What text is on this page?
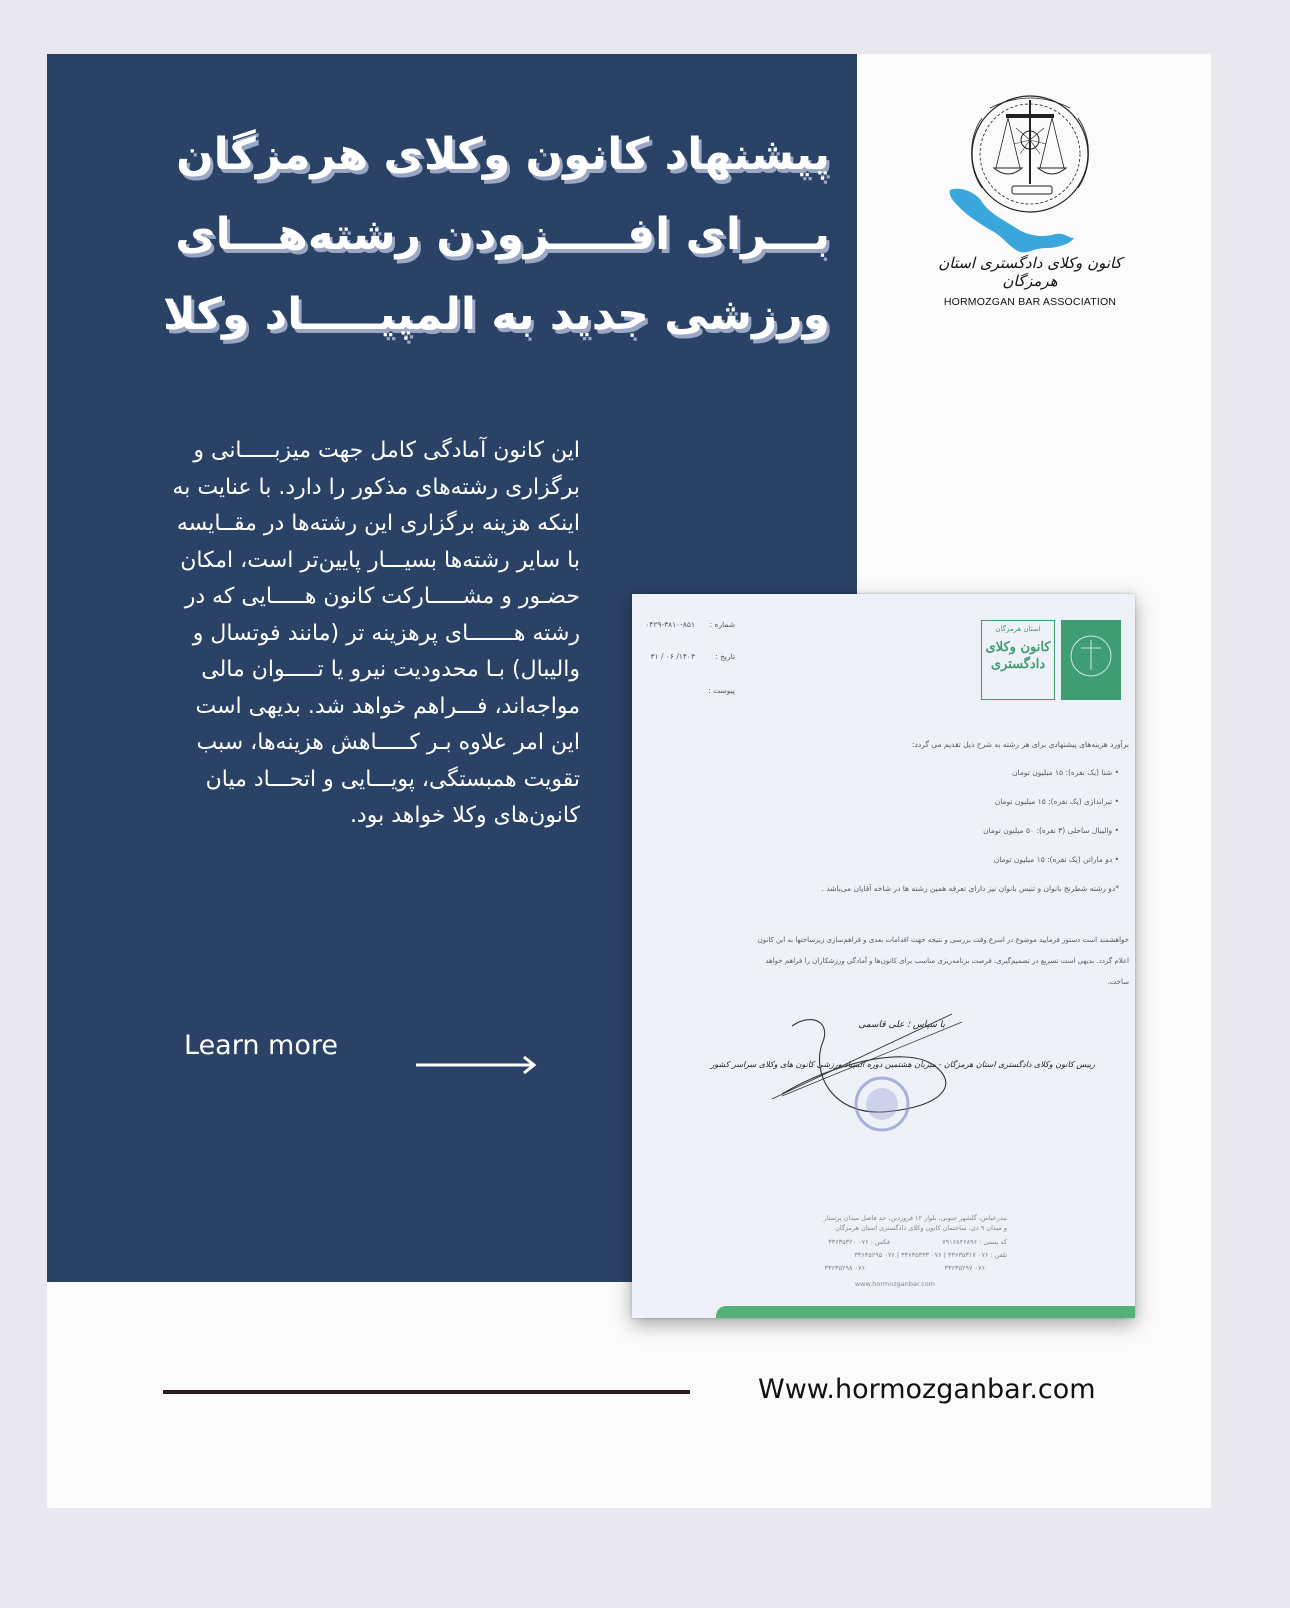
پیشنهاد کانون وکلای هرمزگان
بـــرای افـــــزودن رشته‌هـــای
ورزشی جدید به المپیـــــاد وکلا
این کانون آمادگی کامل جهت میزبـــــانی و
برگزاری رشته‌های مذکور را دارد. با عنایت به
اینکه هزینه برگزاری این رشته‌ها در مقــایسه
با سایر رشته‌ها بسیـــار پایین‌تر است، امکان
حضـور و مشـــــارکت کانون هـــــایی که در
رشته هـــــــای پرهزینه تر (مانند فوتسال و
والیبال) بـا محدودیت نیرو یا تـــــوان مالی
مواجه‌اند، فـــراهم خواهد شد. بدیهی است
این امر علاوه بـر کـــــاهش هزینه‌ها، سبب
تقویت همبستگی، پویـــایی و اتحـــاد میان
کانون‌های وکلا خواهد بود.
Learn more
کانون وکلای دادگستری استان هرمزگان
HORMOZGAN BAR ASSOCIATION
شماره :
۰۴۲۹-۳۸۱۰-۸۵۱
تاریخ :
۱۴۰۳/ ۰۶ / ۳۱
پیوست :
استان هرمزگان
کانون وکلای دادگستری
برآورد هزینه‌های پیشنهادی برای هر رشته به شرح ذیل تقدیم می گردد:
• شنا (یک نفره): ۱۵ میلیون تومان
• تیراندازی (یک نفره): ۱۵ میلیون تومان
• والیبال ساحلی (۳ نفره): ۵۰ میلیون تومان
• دو ماراتن (یک نفره): ۱۵ میلیون تومان
*دو رشته شطرنج بانوان و تنیس بانوان نیز دارای تعرفه همین رشته ها در شاخه آقایان می‌باشد .
خواهشمند است دستور فرمایید موضوع در اسرع وقت بررسی و نتیجه جهت اقدامات بعدی و فراهم‌سازی زیرساختها به این کانون
اعلام گردد. بدیهی است تسریع در تصمیم‌گیری، فرصت برنامه‌ریزی مناسب برای کانون‌ها و آمادگی ورزشکاران را فراهم خواهد
ساخت.
با سپاس ؛ علی قاسمی
رییس کانون وکلای دادگستری استان هرمزگان - میزبان هشتمین دوره المپیاد ورزشی کانون های وکلای سراسر کشور
بندرعباس، گلشهر جنوبی، بلوار ۱۲ فروردین، حد فاصل میدان پرستار
و میدان ۹ دی، ساختمان کانون وکلای دادگستری استان هرمزگان
کد پستی : ۷۹۱۶۸۴۶۸۹۶
فکس : ۰۷۶ ۳۳۶۳۵۳۲۰
تلفن : ۰۷۶ ۳۳۶۳۵۳۱۷ | ۰۷۶ ۳۳۶۳۵۳۳۳ | ۰۷۶ ۳۳۶۳۵۲۹۵
۰۷۶ ۳۳۶۳۵۲۹۷
۰۷۶ ۳۳۶۳۵۲۹۸
www.hormozganbar.com
Www.hormozganbar.com
